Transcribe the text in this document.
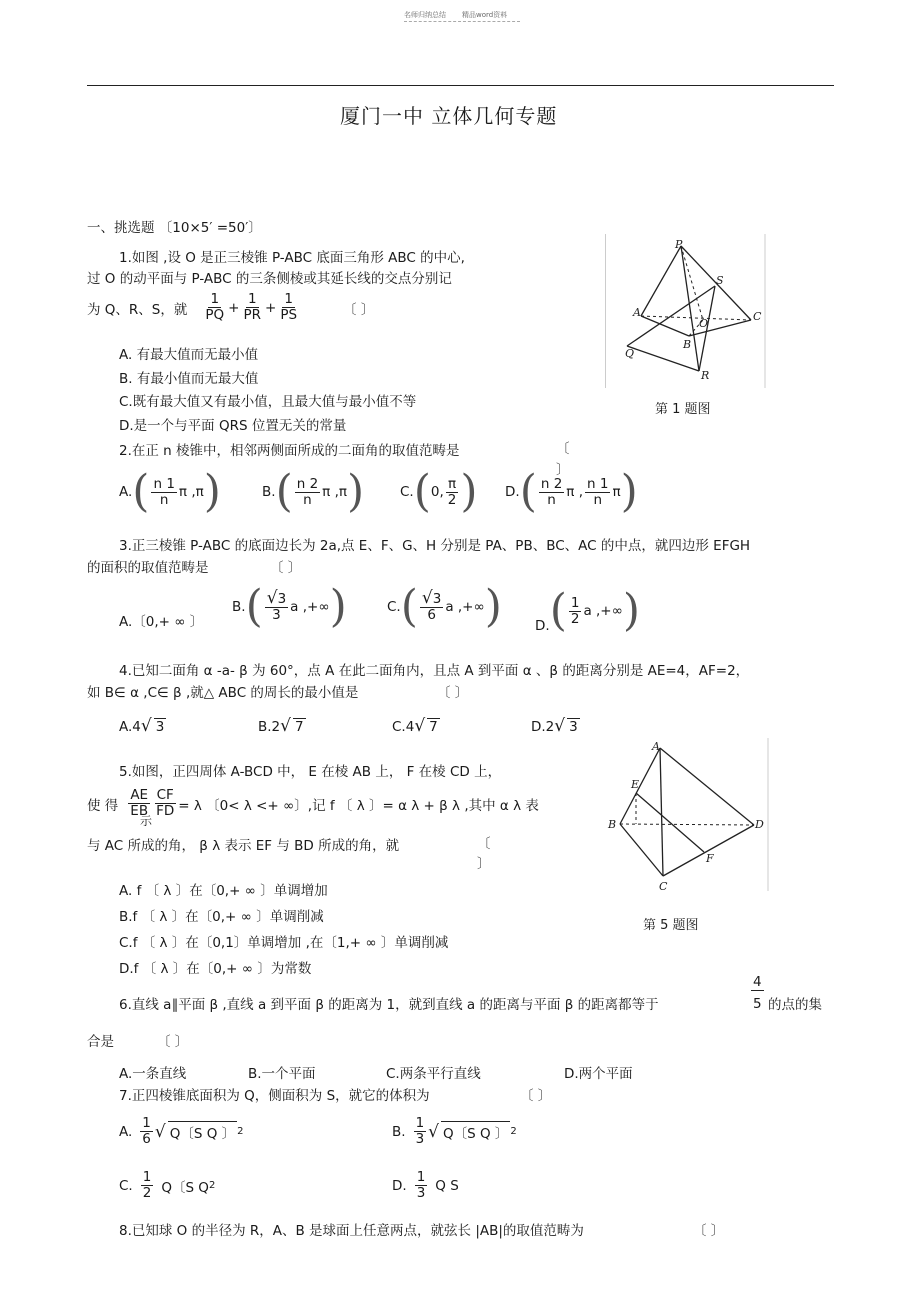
名师归纳总结 精品word资料
厦门一中 立体几何专题
一、挑选题 〔10×5′ =50′〕
1.如图 ,设 O 是正三棱锥 P-ABC 底面三角形 ABC 的中心,
过 O 的动平面与 P-ABC 的三条侧棱或其延长线的交点分别记
为 Q、R、S，就 $\frac{1}{PQ} + \frac{1}{PR} + \frac{1}{PS}$	〔 〕
A. 有最大值而无最小值
B. 有最小值而无最大值
C.既有最大值又有最小值，且最大值与最小值不等
D.是一个与平面 QRS 位置无关的常量
P
S
A
O
C
B
Q
R
第 1 题图
2.在正 n 棱锥中，相邻两侧面所成的二面角的取值范畴是	〔
〕
A. ( $\frac{n 1}{n}$ π ,π )	B. ( $\frac{n 2}{n}$ π ,π )	C. ( 0, $\frac{\pi}{2}$ ) D. ( $\frac{n 2}{n}$ π , $\frac{n 1}{n}$ π )
3.正三棱锥 P-ABC 的底面边长为 2a,点 E、F、G、H 分别是 PA、PB、BC、AC 的中点，就四边形 EFGH
的面积的取值范畴是	〔 〕
A.〔0,+ ∞ 〕
B. ( $\frac{√3}{3}$ a ,+∞ )	C. ( $\frac{√3}{6}$ a ,+∞ ) D. ( $\frac{1}{2}$ a ,+∞ )
4.已知二面角 α -a- β 为 60°，点 A 在此二面角内，且点 A 到平面 α 、β 的距离分别是 AE=4，AF=2，
如 B∈ α ,C∈ β ,就△ ABC 的周长的最小值是	〔 〕
A.4√ 3	B.2√ 7	C.4√ 7	D.2√ 3
5.如图，正四周体 A-BCD 中， E 在棱 AB 上， F 在棱 CD 上，
使 得 $\frac{AE}{EB} \frac{CF}{FD} = \lambda$ 〔0< λ <+ ∞〕,记 f 〔 λ 〕= α λ + β λ ,其中 α λ 表
示
与 AC 所成的角， β λ 表示 EF 与 BD 所成的角，就	〔
〕
A. f 〔 λ 〕在〔0,+ ∞ 〕单调增加
B.f 〔 λ 〕在〔0,+ ∞ 〕单调削减
C.f 〔 λ 〕在〔0,1〕单调增加 ,在〔1,+ ∞ 〕单调削减
D.f 〔 λ 〕在〔0,+ ∞ 〕为常数
A
E
B	D
F
C
第 5 题图
6.直线 a∥平面 β ,直线 a 到平面 β 的距离为 1，就到直线 a 的距离与平面 β 的距离都等于	$\frac{4}{5}$ 的点的集
合是	〔 〕
A.一条直线	B.一个平面	C.两条平行直线	D.两个平面
7.正四棱锥底面积为 Q，侧面积为 S，就它的体积为	〔 〕
A. $\frac{1}{6}$ √ Q〔S Q 〕 2	B. $\frac{1}{3}$ √ Q〔S Q 〕 2
C. $\frac{1}{2}$ Q〔S Q 2	D. $\frac{1}{3}$ Q S
8.已知球 O 的半径为 R，A、B 是球面上任意两点，就弦长 |AB|的取值范畴为	〔 〕
